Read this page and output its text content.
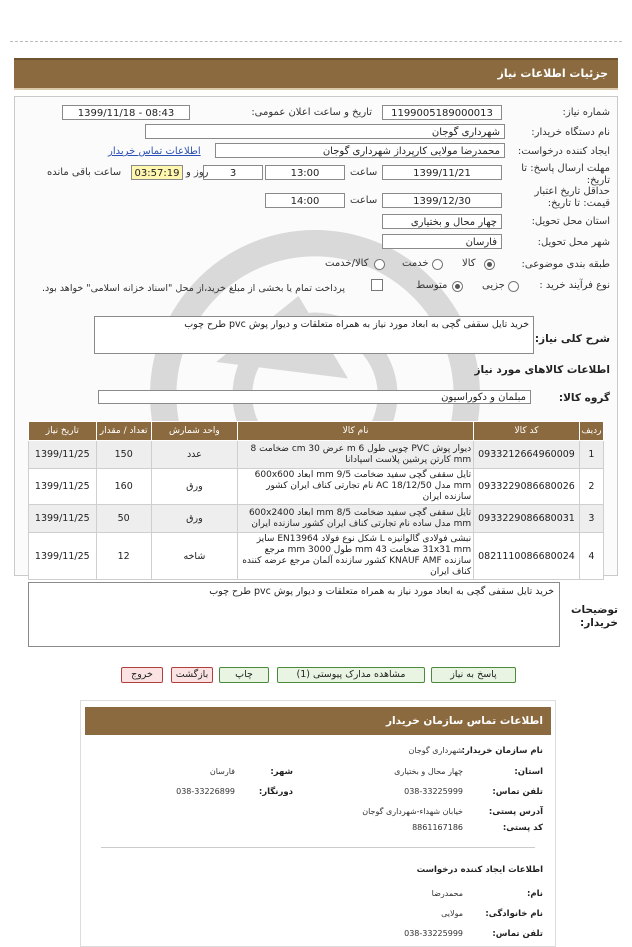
جزئیات اطلاعات نیاز
شماره نیاز:
1199005189000013
تاریخ و ساعت اعلان عمومی:
1399/11/18 - 08:43
نام دستگاه خریدار:
شهرداری گوجان
ایجاد کننده درخواست:
محمدرضا مولایی کارپرداز شهرداری گوجان
اطلاعات تماس خریدار
مهلت ارسال پاسخ: تا تاریخ:
1399/11/21
ساعت
13:00
3
روز و
03:57:19
ساعت باقی مانده
حداقل تاریخ اعتبار قیمت: تا تاریخ:
1399/12/30
ساعت
14:00
استان محل تحویل:
چهار محال و بختیاری
شهر محل تحویل:
فارسان
طبقه بندی موضوعی:
کالا
خدمت
کالا/خدمت
نوع فرآیند خرید :
جزیی
متوسط
پرداخت تمام یا بخشی از مبلغ خرید،از محل "اسناد خزانه اسلامی" خواهد بود.
شرح کلی نیاز:
خرید تایل سقفی گچی به ابعاد مورد نیاز به همراه متعلقات و دیوار پوش pvc طرح چوب
اطلاعات کالاهای مورد نیاز
گروه کالا:
مبلمان و دکوراسیون
ردیف	کد کالا	نام کالا	واحد شمارش	تعداد / مقدار	تاریخ نیاز
1	0933212664960009	دیوار پوش PVC چوبی طول 6 m عرض 30 cm ضخامت 8 mm کارتن پرشین پلاست اسپادانا	عدد	150	1399/11/25
2	0933229086680026	تایل سقفی گچی سفید ضخامت 9/5 mm ابعاد 600x600 mm مدل AC 18/12/50 نام تجارتی کناف ایران کشور سازنده ایران	ورق	160	1399/11/25
3	0933229086680031	تایل سقفی گچی سفید ضخامت 8/5 mm ابعاد 600x2400 mm مدل ساده نام تجارتی کناف ایران کشور سازنده ایران	ورق	50	1399/11/25
4	0821110086680024	نبشی فولادی گالوانیزه L شکل نوع فولاد EN13964 سایز 31x31 mm ضخامت 43 mm طول 3000 mm مرجع سازنده KNAUF AMF کشور سازنده آلمان مرجع عرضه کننده کناف ایران	شاخه	12	1399/11/25
خرید تایل سقفی گچی به ابعاد مورد نیاز به همراه متعلقات و دیوار پوش pvc طرح چوب
توضیحات خریدار:
پاسخ به نیاز
مشاهده مدارک پیوستی (1)
چاپ
بازگشت
خروج
اطلاعات تماس سازمان خریدار
نام سازمان خریدار:
شهرداری گوجان
استان:
چهار محال و بختیاری
شهر:
فارسان
تلفن تماس:
038-33225999
دورنگار:
038-33226899
آدرس پستی:
خیابان شهداء-شهرداری گوجان
کد پستی:
8861167186
اطلاعات ایجاد کننده درخواست
نام:
محمدرضا
نام خانوادگی:
مولایی
تلفن تماس:
038-33225999
